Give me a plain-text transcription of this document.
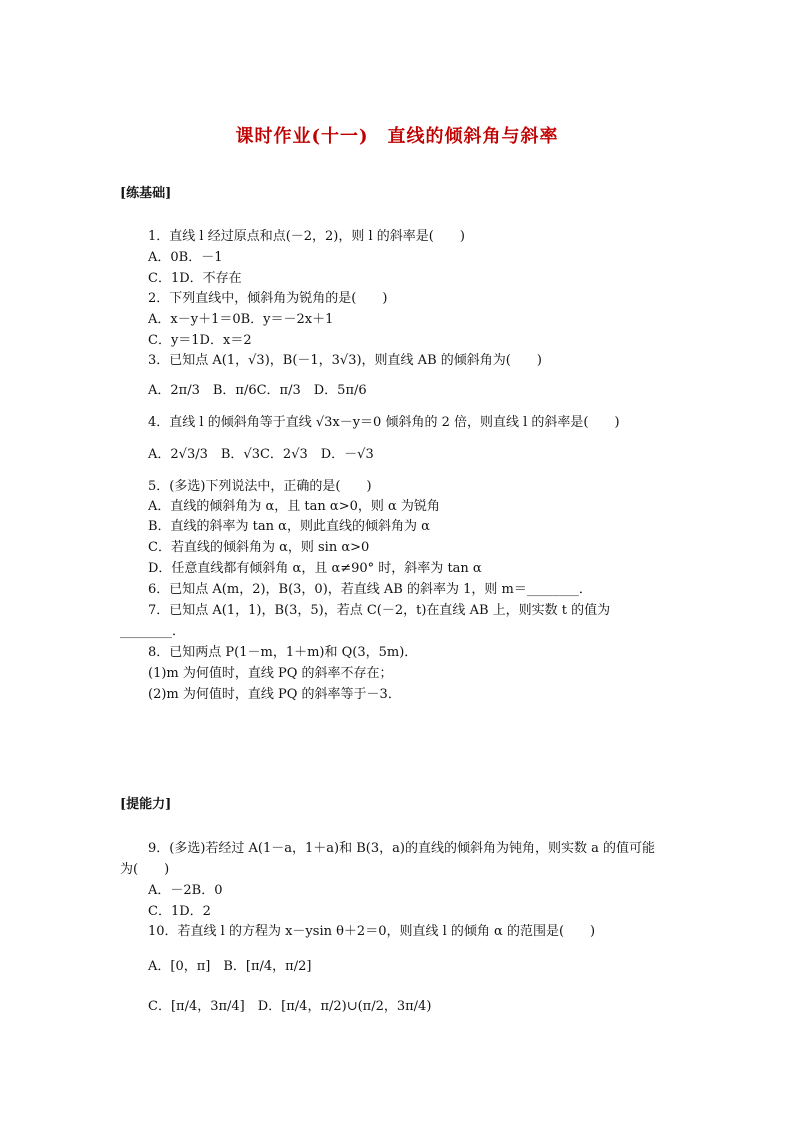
课时作业(十一)　直线的倾斜角与斜率
[练基础]
1．直线 l 经过原点和点(－2，2)，则 l 的斜率是(　　)
A．0B．－1
C．1D．不存在
2．下列直线中，倾斜角为锐角的是(　　)
A．x－y＋1＝0B．y＝－2x＋1
C．y＝1D．x＝2
3．已知点 A(1，√3)，B(－1，3√3)，则直线 AB 的倾斜角为(　　)
A．2π/3　B．π/6C．π/3　D．5π/6
4．直线 l 的倾斜角等于直线 √3x－y＝0 倾斜角的 2 倍，则直线 l 的斜率是(　　)
A．2√3/3　B．√3C．2√3　D．－√3
5．(多选)下列说法中，正确的是(　　)
A．直线的倾斜角为 α，且 tan α>0，则 α 为锐角
B．直线的斜率为 tan α，则此直线的倾斜角为 α
C．若直线的倾斜角为 α，则 sin α>0
D．任意直线都有倾斜角 α，且 α≠90° 时，斜率为 tan α
6．已知点 A(m，2)，B(3，0)，若直线 AB 的斜率为 1，则 m＝________．
7．已知点 A(1，1)，B(3，5)，若点 C(－2，t)在直线 AB 上，则实数 t 的值为
________．
8．已知两点 P(1－m，1＋m)和 Q(3，5m)．
(1)m 为何值时，直线 PQ 的斜率不存在；
(2)m 为何值时，直线 PQ 的斜率等于－3．
[提能力]
9．(多选)若经过 A(1－a，1＋a)和 B(3，a)的直线的倾斜角为钝角，则实数 a 的值可能
为(　　)
A．－2B．0
C．1D．2
10．若直线 l 的方程为 x－ysin θ＋2＝0，则直线 l 的倾角 α 的范围是(　　)
A．[0，π]　B．[π/4，π/2]
C．[π/4，3π/4]　D．[π/4，π/2)∪(π/2，3π/4)
